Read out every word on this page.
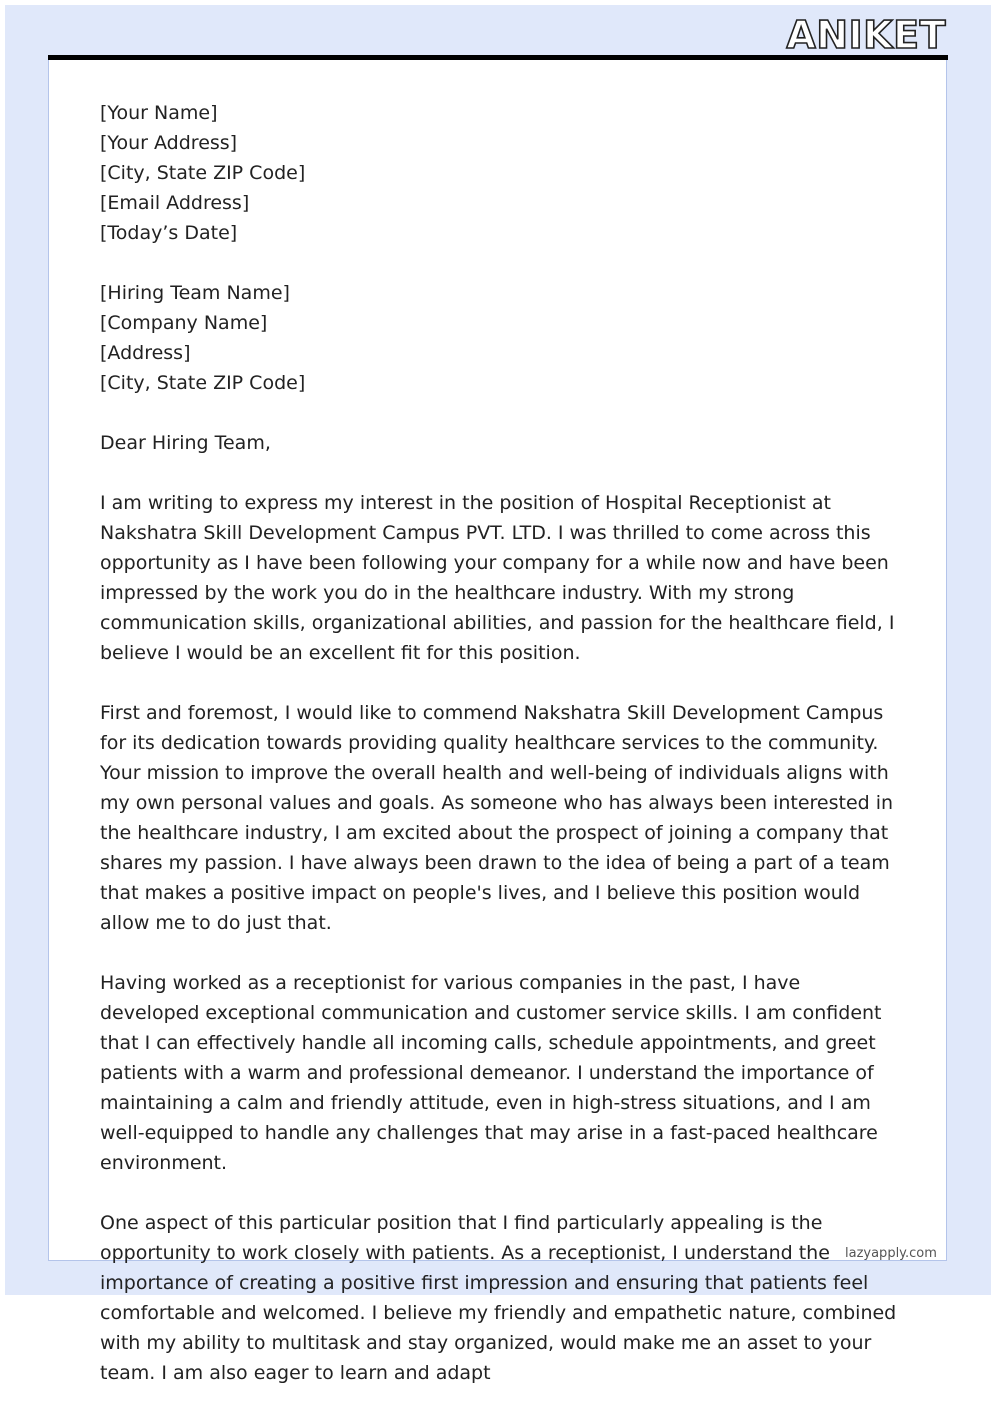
ANIKET

[Your Name]
[Your Address]
[City, State ZIP Code]
[Email Address]
[Today’s Date]

[Hiring Team Name]
[Company Name]
[Address]
[City, State ZIP Code]

Dear Hiring Team,

I am writing to express my interest in the position of Hospital Receptionist at Nakshatra Skill Development Campus PVT. LTD. I was thrilled to come across this opportunity as I have been following your company for a while now and have been impressed by the work you do in the healthcare industry. With my strong communication skills, organizational abilities, and passion for the healthcare field, I believe I would be an excellent fit for this position.

First and foremost, I would like to commend Nakshatra Skill Development Campus for its dedication towards providing quality healthcare services to the community. Your mission to improve the overall health and well-being of individuals aligns with my own personal values and goals. As someone who has always been interested in the healthcare industry, I am excited about the prospect of joining a company that shares my passion. I have always been drawn to the idea of being a part of a team that makes a positive impact on people's lives, and I believe this position would allow me to do just that.

Having worked as a receptionist for various companies in the past, I have developed exceptional communication and customer service skills. I am confident that I can effectively handle all incoming calls, schedule appointments, and greet patients with a warm and professional demeanor. I understand the importance of maintaining a calm and friendly attitude, even in high-stress situations, and I am well-equipped to handle any challenges that may arise in a fast-paced healthcare environment.

One aspect of this particular position that I find particularly appealing is the opportunity to work closely with patients. As a receptionist, I understand the importance of creating a positive first impression and ensuring that patients feel comfortable and welcomed. I believe my friendly and empathetic nature, combined with my ability to multitask and stay organized, would make me an asset to your team. I am also eager to learn and adapt

lazyapply.com
